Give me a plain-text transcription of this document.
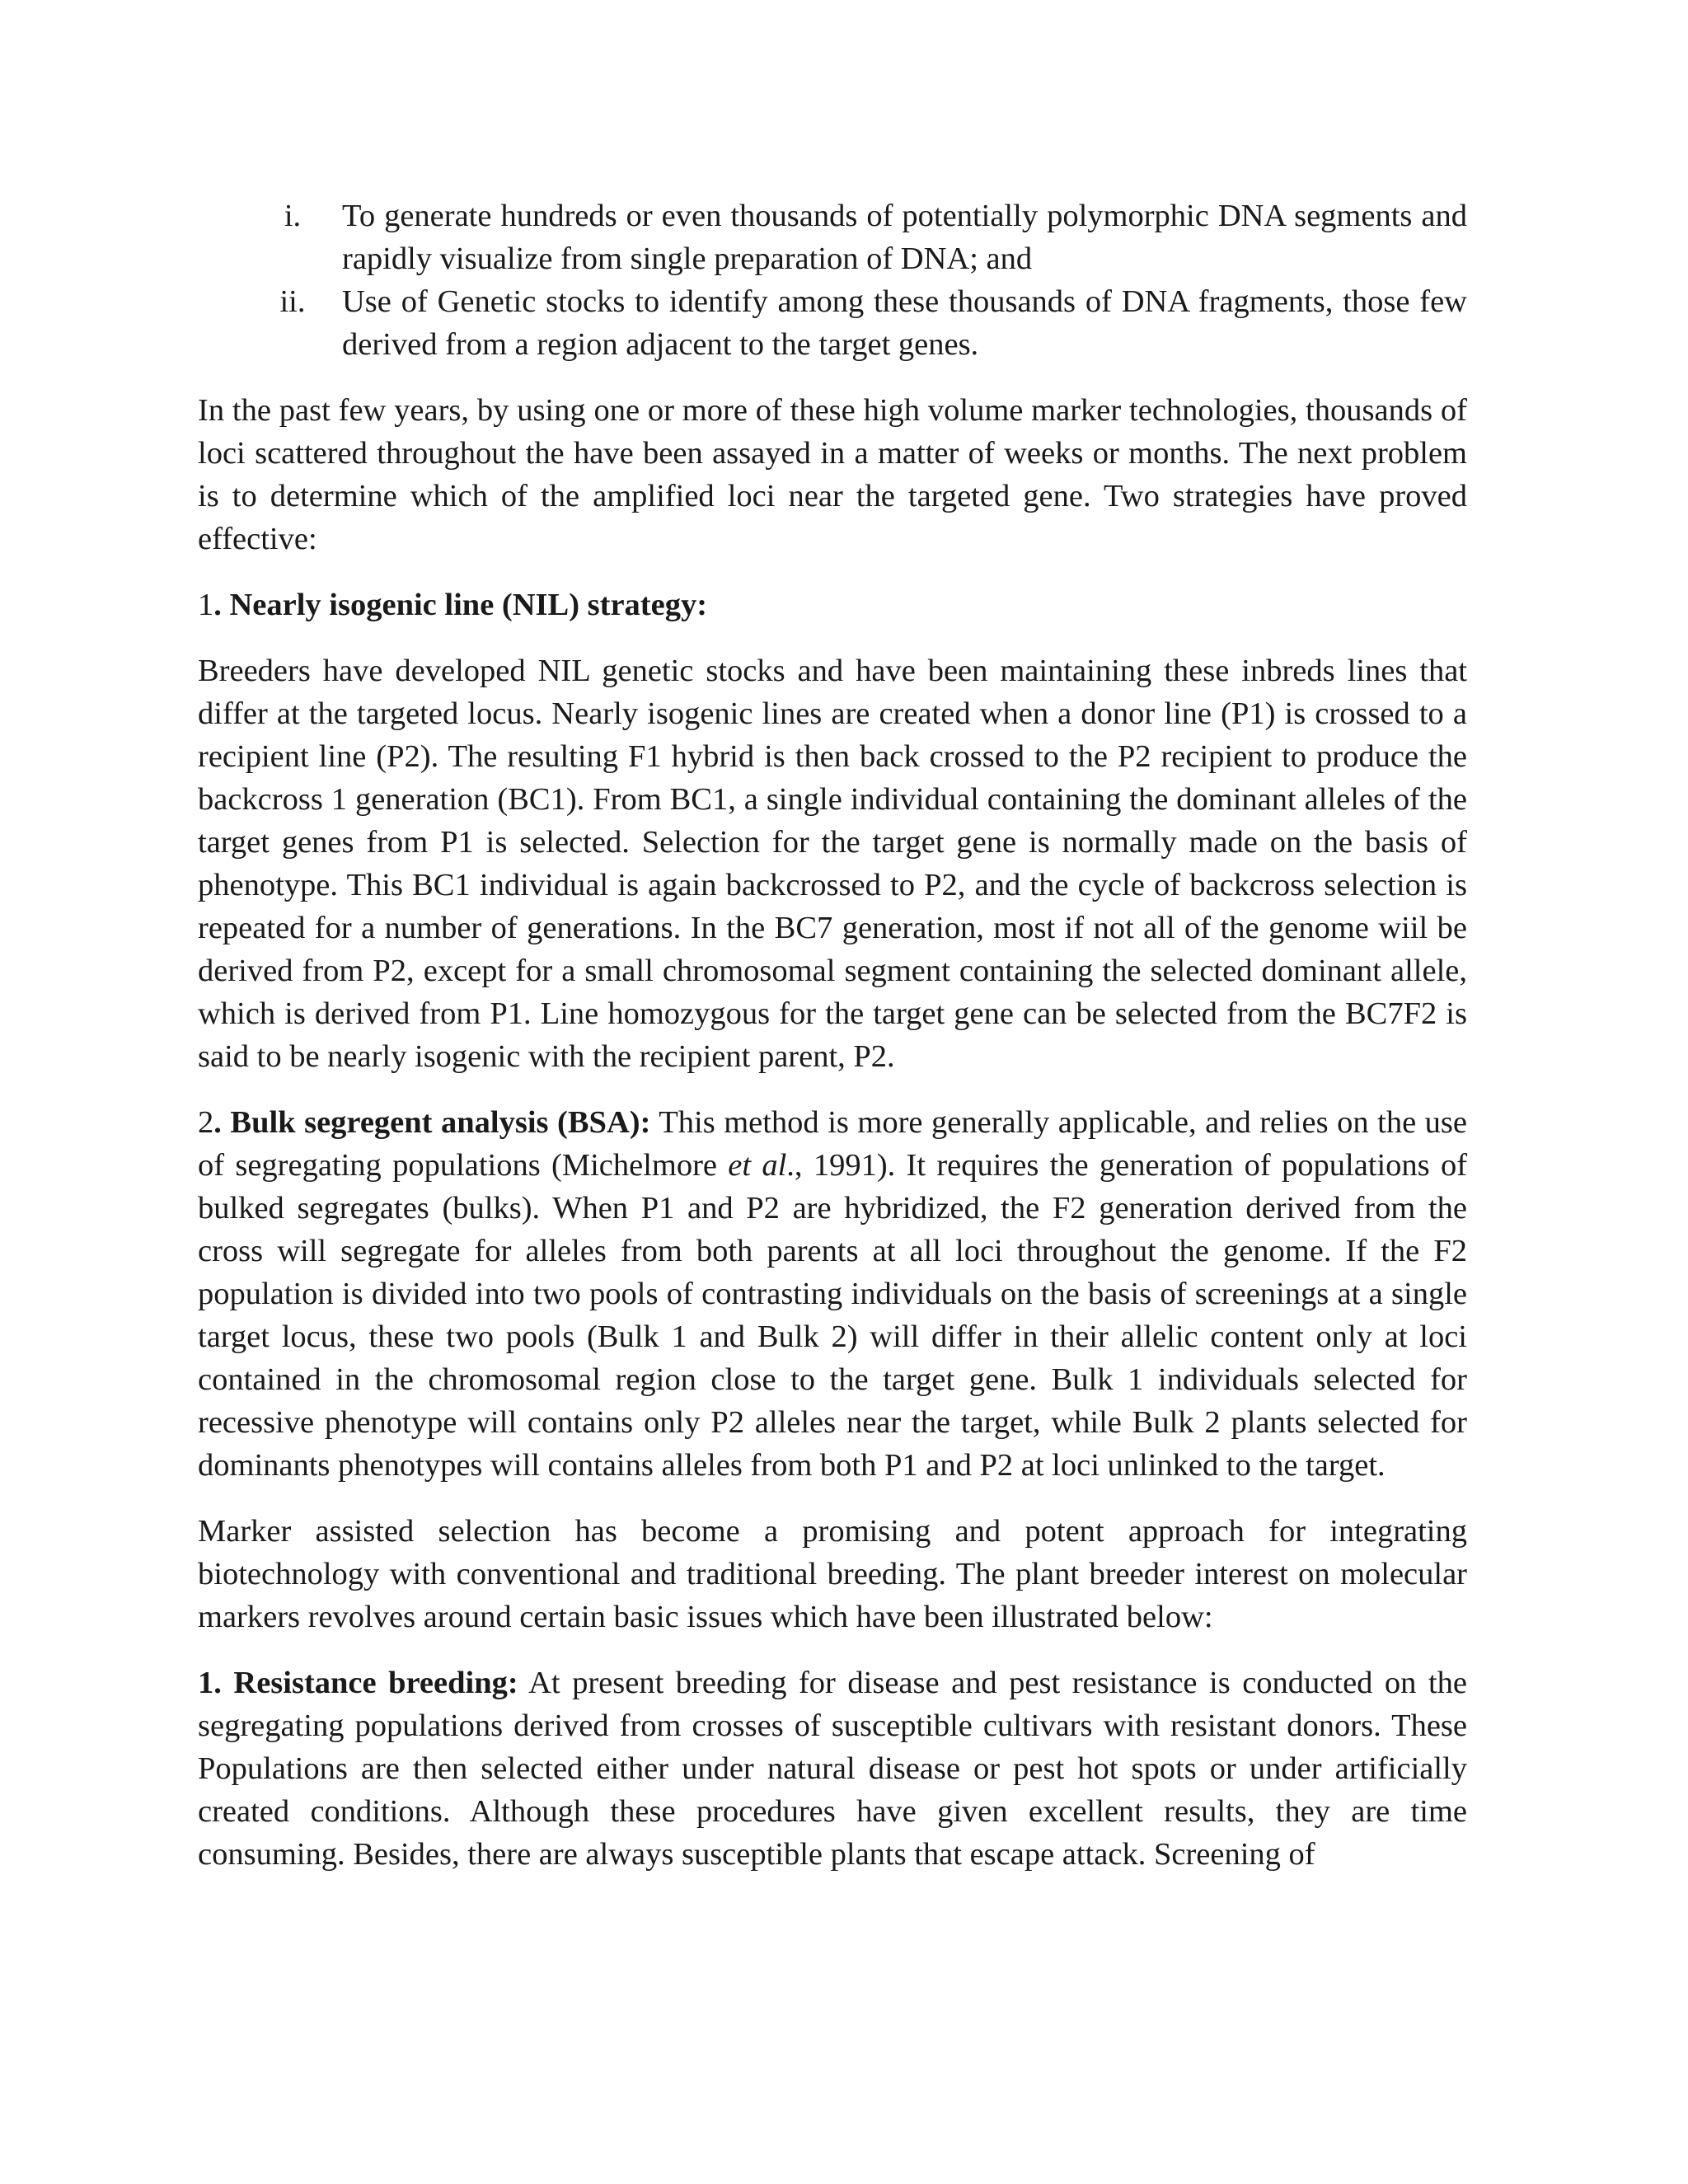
i.	To generate hundreds or even thousands of potentially polymorphic DNA segments and rapidly visualize from single preparation of DNA; and
ii.	Use of Genetic stocks to identify among these thousands of DNA fragments, those few derived from a region adjacent to the target genes.

In the past few years, by using one or more of these high volume marker technologies, thousands of loci scattered throughout the have been assayed in a matter of weeks or months. The next problem is to determine which of the amplified loci near the targeted gene. Two strategies have proved effective:

1. Nearly isogenic line (NIL) strategy:

Breeders have developed NIL genetic stocks and have been maintaining these inbreds lines that differ at the targeted locus. Nearly isogenic lines are created when a donor line (P1) is crossed to a recipient line (P2). The resulting F1 hybrid is then back crossed to the P2 recipient to produce the backcross 1 generation (BC1). From BC1, a single individual containing the dominant alleles of the target genes from P1 is selected. Selection for the target gene is normally made on the basis of phenotype. This BC1 individual is again backcrossed to P2, and the cycle of backcross selection is repeated for a number of generations. In the BC7 generation, most if not all of the genome wiil be derived from P2, except for a small chromosomal segment containing the selected dominant allele, which is derived from P1. Line homozygous for the target gene can be selected from the BC7F2 is said to be nearly isogenic with the recipient parent, P2.

2. Bulk segregent analysis (BSA): This method is more generally applicable, and relies on the use of segregating populations (Michelmore et al., 1991). It requires the generation of populations of bulked segregates (bulks). When P1 and P2 are hybridized, the F2 generation derived from the cross will segregate for alleles from both parents at all loci throughout the genome. If the F2 population is divided into two pools of contrasting individuals on the basis of screenings at a single target locus, these two pools (Bulk 1 and Bulk 2) will differ in their allelic content only at loci contained in the chromosomal region close to the target gene. Bulk 1 individuals selected for recessive phenotype will contains only P2 alleles near the target, while Bulk 2 plants selected for dominants phenotypes will contains alleles from both P1 and P2 at loci unlinked to the target.

Marker assisted selection has become a promising and potent approach for integrating biotechnology with conventional and traditional breeding. The plant breeder interest on molecular markers revolves around certain basic issues which have been illustrated below:

1. Resistance breeding: At present breeding for disease and pest resistance is conducted on the segregating populations derived from crosses of susceptible cultivars with resistant donors. These Populations are then selected either under natural disease or pest hot spots or under artificially created conditions. Although these procedures have given excellent results, they are time consuming. Besides, there are always susceptible plants that escape attack. Screening of
